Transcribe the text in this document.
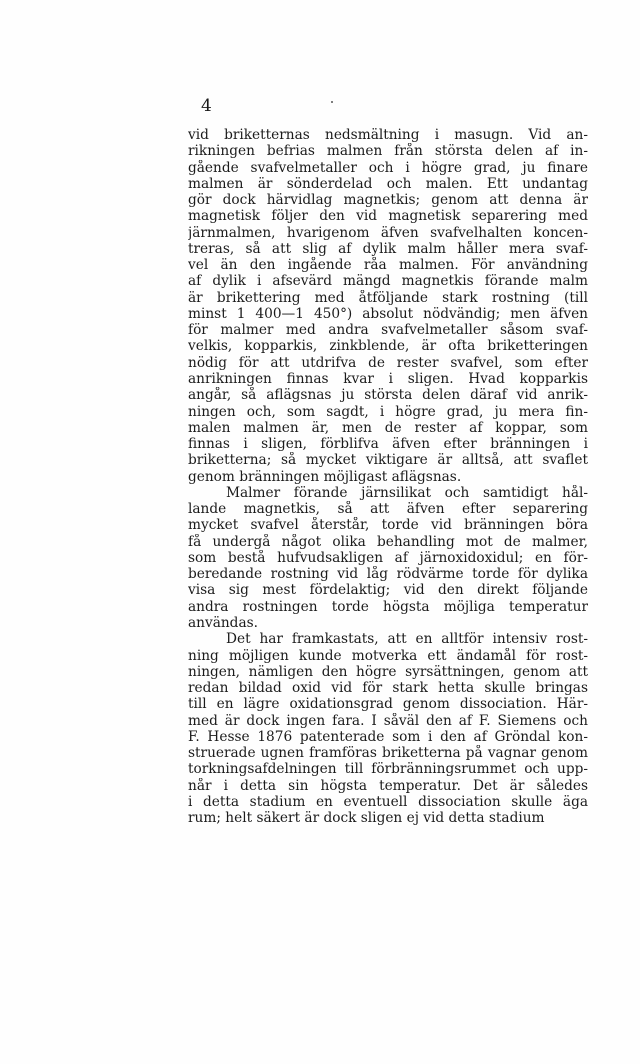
4
vid briketternas nedsmältning i masugn. Vid an-
rikningen befrias malmen från största delen af in-
gående svafvelmetaller och i högre grad, ju finare
malmen är sönderdelad och malen. Ett undantag
gör dock härvidlag magnetkis; genom att denna är
magnetisk följer den vid magnetisk separering med
järnmalmen, hvarigenom äfven svafvelhalten koncen-
treras, så att slig af dylik malm håller mera svaf-
vel än den ingående råa malmen. För användning
af dylik i afsevärd mängd magnetkis förande malm
är brikettering med åtföljande stark rostning (till
minst 1 400—1 450°) absolut nödvändig; men äfven
för malmer med andra svafvelmetaller såsom svaf-
velkis, kopparkis, zinkblende, är ofta briketteringen
nödig för att utdrifva de rester svafvel, som efter
anrikningen finnas kvar i sligen. Hvad kopparkis
angår, så aflägsnas ju största delen däraf vid anrik-
ningen och, som sagdt, i högre grad, ju mera fin-
malen malmen är, men de rester af koppar, som
finnas i sligen, förblifva äfven efter bränningen i
briketterna; så mycket viktigare är alltså, att svaflet
genom bränningen möjligast aflägsnas.
Malmer förande järnsilikat och samtidigt hål-
lande magnetkis, så att äfven efter separering
mycket svafvel återstår, torde vid bränningen böra
få undergå något olika behandling mot de malmer,
som bestå hufvudsakligen af järnoxidoxidul; en för-
beredande rostning vid låg rödvärme torde för dylika
visa sig mest fördelaktig; vid den direkt följande
andra rostningen torde högsta möjliga temperatur
användas.
Det har framkastats, att en alltför intensiv rost-
ning möjligen kunde motverka ett ändamål för rost-
ningen, nämligen den högre syrsättningen, genom att
redan bildad oxid vid för stark hetta skulle bringas
till en lägre oxidationsgrad genom dissociation. Här-
med är dock ingen fara. I såväl den af F. Siemens och
F. Hesse 1876 patenterade som i den af Gröndal kon-
struerade ugnen framföras briketterna på vagnar genom
torkningsafdelningen till förbränningsrummet och upp-
når i detta sin högsta temperatur. Det är således
i detta stadium en eventuell dissociation skulle äga
rum; helt säkert är dock sligen ej vid detta stadium
